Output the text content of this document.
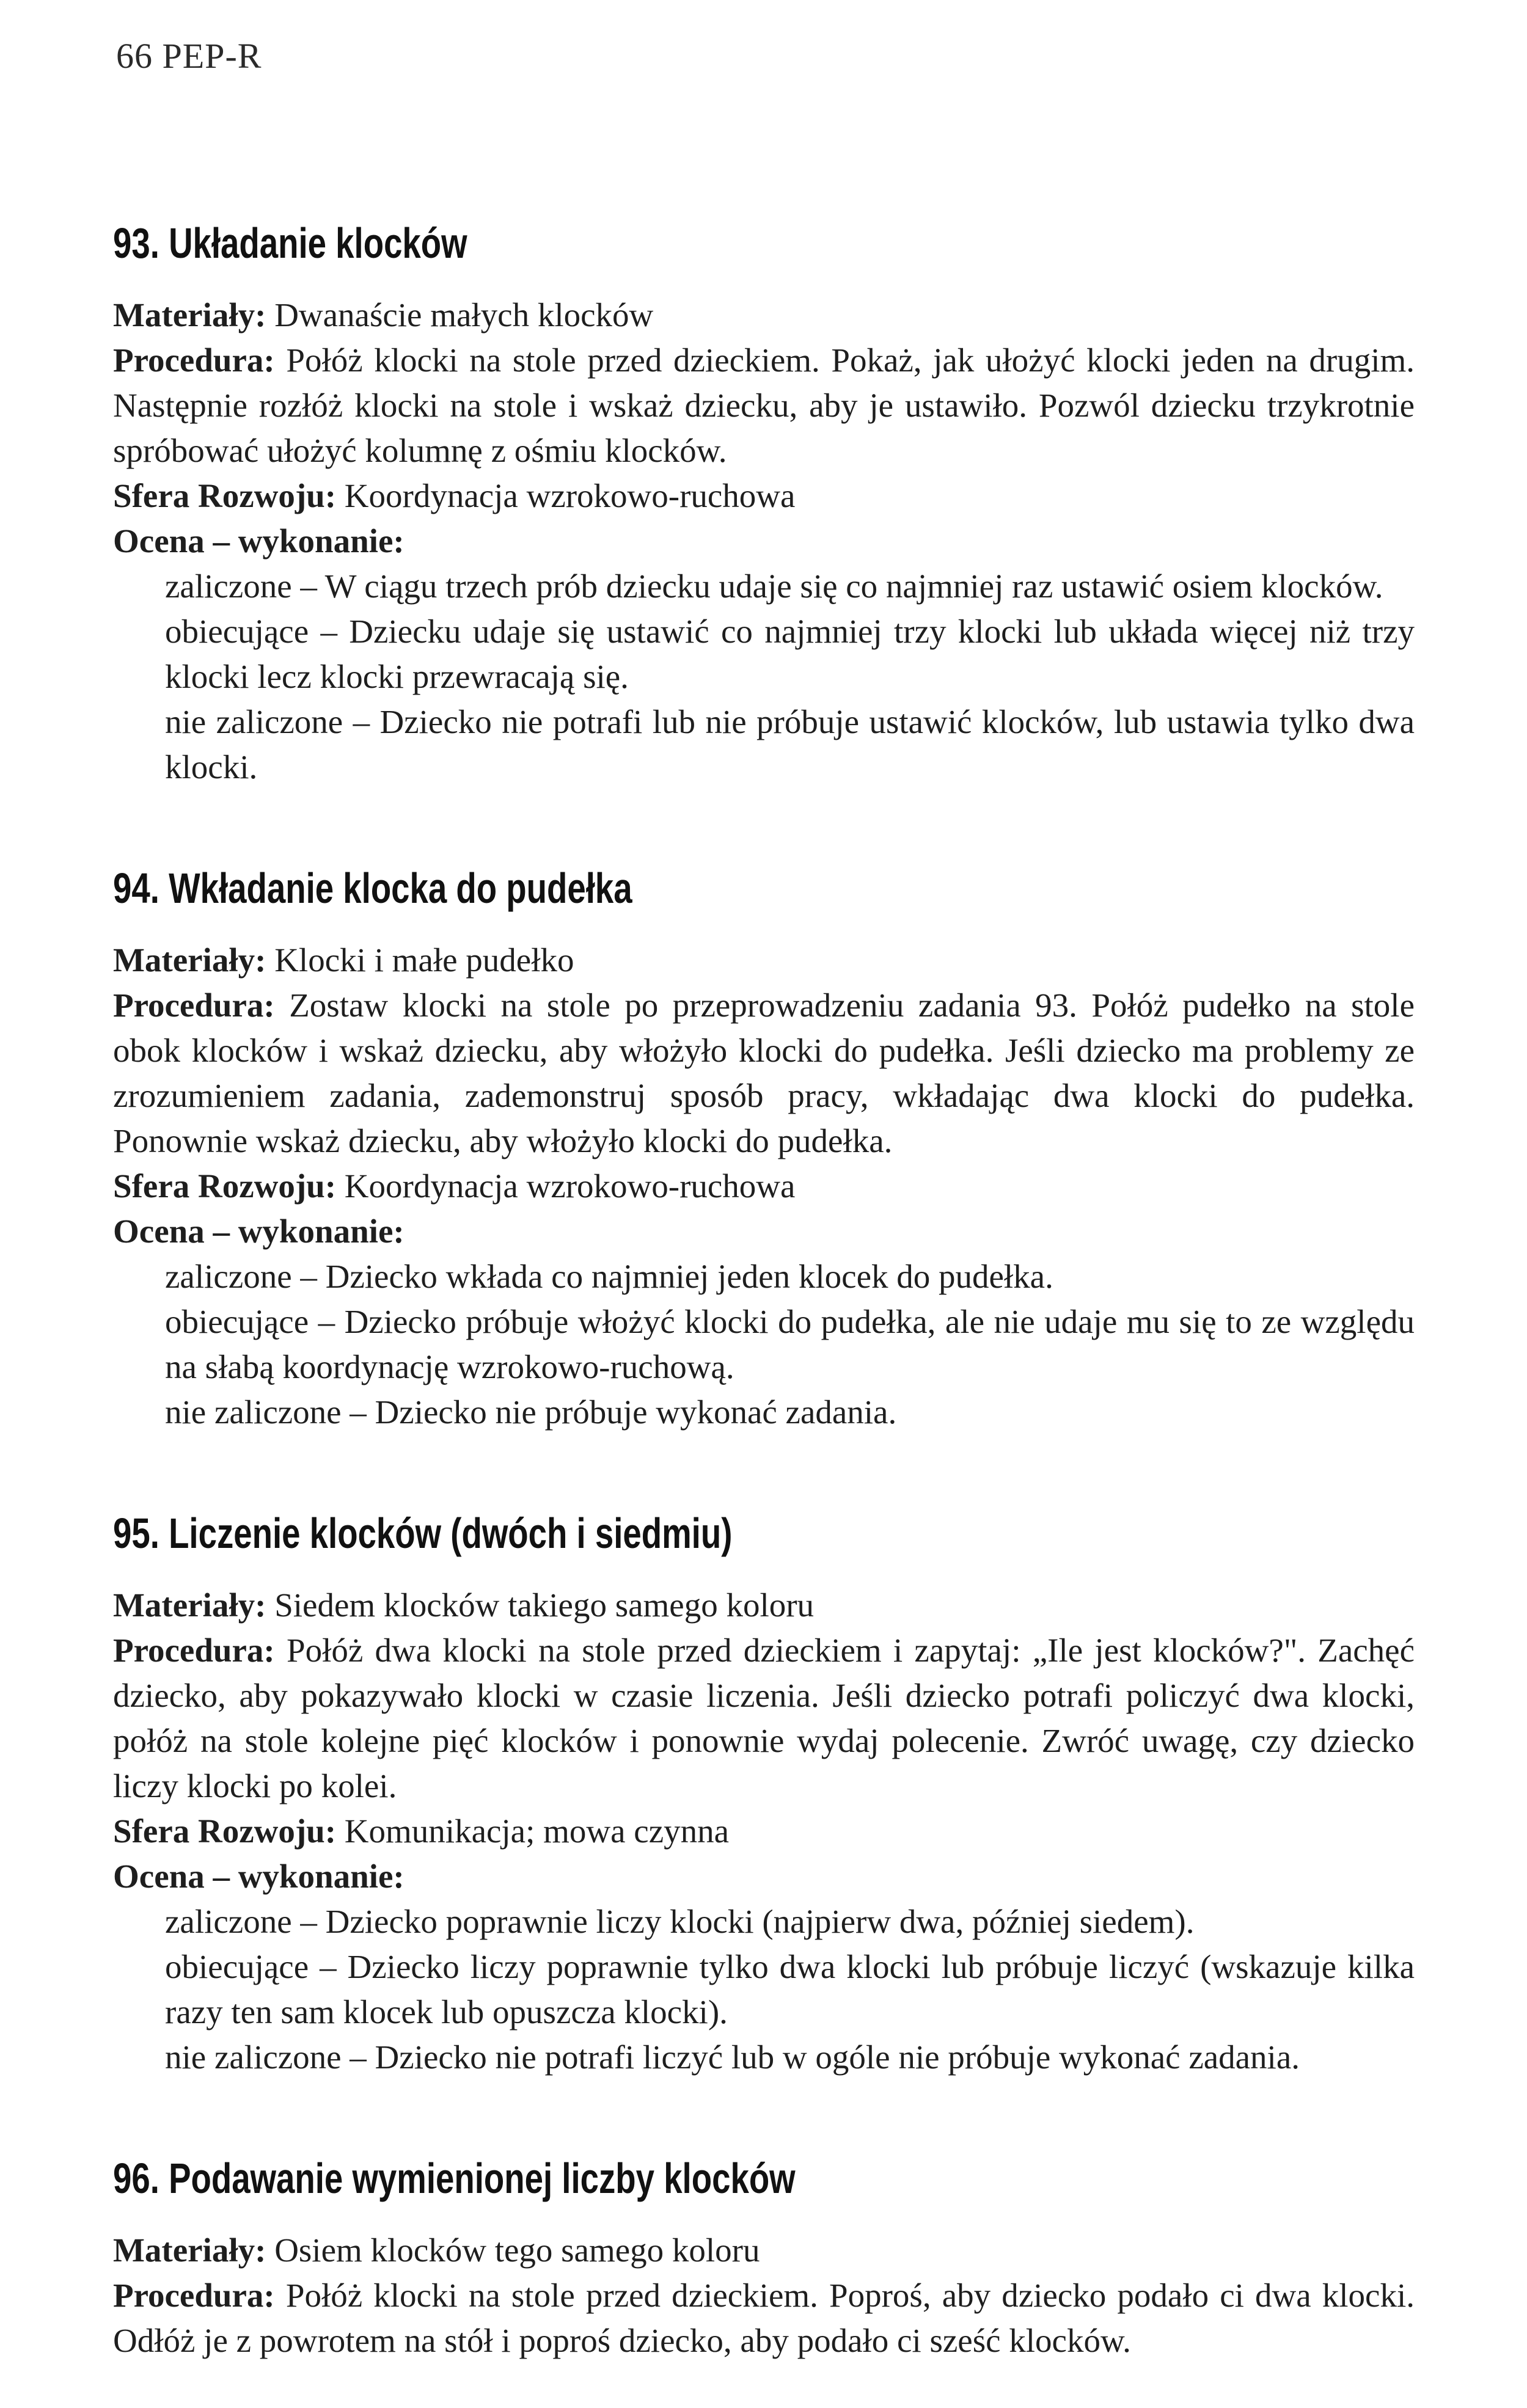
66 PEP-R
93. Układanie klocków

Materiały: Dwanaście małych klocków

Procedura: Połóż klocki na stole przed dzieckiem. Pokaż, jak ułożyć klocki jeden na drugim. Następnie rozłóż klocki na stole i wskaż dziecku, aby je ustawiło. Pozwól dziecku trzykrotnie spróbować ułożyć kolumnę z ośmiu klocków.

Sfera Rozwoju: Koordynacja wzrokowo-ruchowa

Ocena – wykonanie:

zaliczone – W ciągu trzech prób dziecku udaje się co najmniej raz ustawić osiem klocków.

obiecujące – Dziecku udaje się ustawić co najmniej trzy klocki lub układa więcej niż trzy klocki lecz klocki przewracają się.

nie zaliczone – Dziecko nie potrafi lub nie próbuje ustawić klocków, lub ustawia tylko dwa klocki.

94. Wkładanie klocka do pudełka

Materiały: Klocki i małe pudełko

Procedura: Zostaw klocki na stole po przeprowadzeniu zadania 93. Połóż pudełko na stole obok klocków i wskaż dziecku, aby włożyło klocki do pudełka. Jeśli dziecko ma problemy ze zrozumieniem zadania, zademonstruj sposób pracy, wkładając dwa klocki do pudełka. Ponownie wskaż dziecku, aby włożyło klocki do pudełka.

Sfera Rozwoju: Koordynacja wzrokowo-ruchowa

Ocena – wykonanie:

zaliczone – Dziecko wkłada co najmniej jeden klocek do pudełka.

obiecujące – Dziecko próbuje włożyć klocki do pudełka, ale nie udaje mu się to ze względu na słabą koordynację wzrokowo-ruchową.

nie zaliczone – Dziecko nie próbuje wykonać zadania.

95. Liczenie klocków (dwóch i siedmiu)

Materiały: Siedem klocków takiego samego koloru

Procedura: Połóż dwa klocki na stole przed dzieckiem i zapytaj: „Ile jest klocków?". Zachęć dziecko, aby pokazywało klocki w czasie liczenia. Jeśli dziecko potrafi policzyć dwa klocki, połóż na stole kolejne pięć klocków i ponownie wydaj polecenie. Zwróć uwagę, czy dziecko liczy klocki po kolei.

Sfera Rozwoju: Komunikacja; mowa czynna

Ocena – wykonanie:

zaliczone – Dziecko poprawnie liczy klocki (najpierw dwa, później siedem).

obiecujące – Dziecko liczy poprawnie tylko dwa klocki lub próbuje liczyć (wskazuje kilka razy ten sam klocek lub opuszcza klocki).

nie zaliczone – Dziecko nie potrafi liczyć lub w ogóle nie próbuje wykonać zadania.

96. Podawanie wymienionej liczby klocków

Materiały: Osiem klocków tego samego koloru

Procedura: Połóż klocki na stole przed dzieckiem. Poproś, aby dziecko podało ci dwa klocki. Odłóż je z powrotem na stół i poproś dziecko, aby podało ci sześć klocków.
